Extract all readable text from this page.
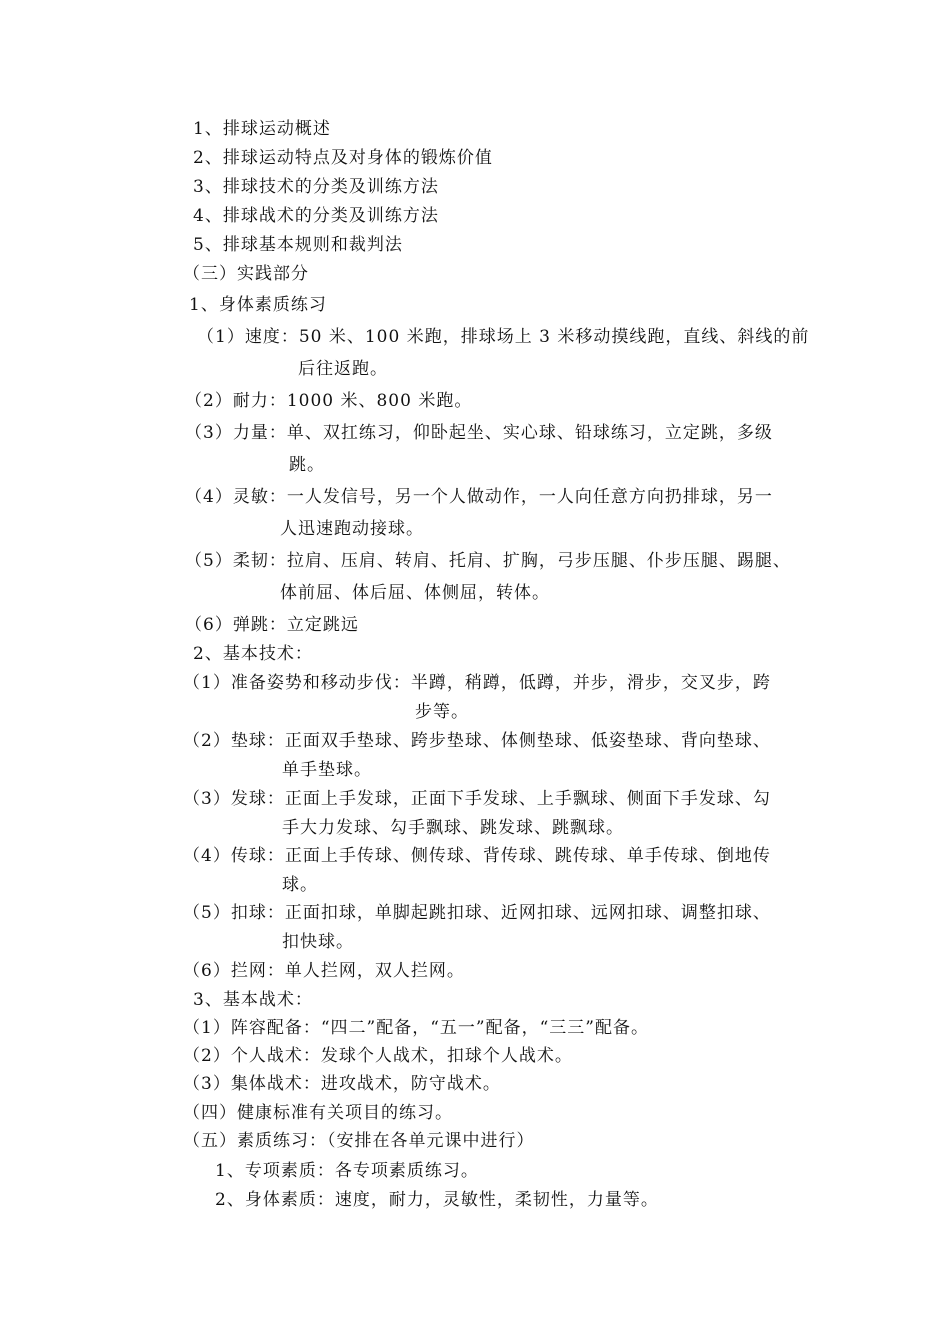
1、排球运动概述
2、排球运动特点及对身体的锻炼价值
3、排球技术的分类及训练方法
4、排球战术的分类及训练方法
5、排球基本规则和裁判法
（三）实践部分
1、身体素质练习
（1）速度：50 米、100 米跑，排球场上 3 米移动摸线跑，直线、斜线的前
后往返跑。
（2）耐力：1000 米、800 米跑。
（3）力量：单、双扛练习，仰卧起坐、实心球、铅球练习，立定跳，多级
跳。
（4）灵敏：一人发信号，另一个人做动作，一人向任意方向扔排球，另一
人迅速跑动接球。
（5）柔韧：拉肩、压肩、转肩、托肩、扩胸，弓步压腿、仆步压腿、踢腿、
体前屈、体后屈、体侧屈，转体。
（6）弹跳：立定跳远
2、基本技术：
（1）准备姿势和移动步伐：半蹲，稍蹲，低蹲，并步，滑步，交叉步，跨
步等。
（2）垫球：正面双手垫球、跨步垫球、体侧垫球、低姿垫球、背向垫球、
单手垫球。
（3）发球：正面上手发球，正面下手发球、上手飘球、侧面下手发球、勾
手大力发球、勾手飘球、跳发球、跳飘球。
（4）传球：正面上手传球、侧传球、背传球、跳传球、单手传球、倒地传
球。
（5）扣球：正面扣球，单脚起跳扣球、近网扣球、远网扣球、调整扣球、
扣快球。
（6）拦网：单人拦网，双人拦网。
3、基本战术：
（1）阵容配备：“四二”配备，“五一”配备，“三三”配备。
（2）个人战术：发球个人战术，扣球个人战术。
（3）集体战术：进攻战术，防守战术。
（四）健康标准有关项目的练习。
（五）素质练习：（安排在各单元课中进行）
1、专项素质：各专项素质练习。
2、身体素质：速度，耐力，灵敏性，柔韧性，力量等。
